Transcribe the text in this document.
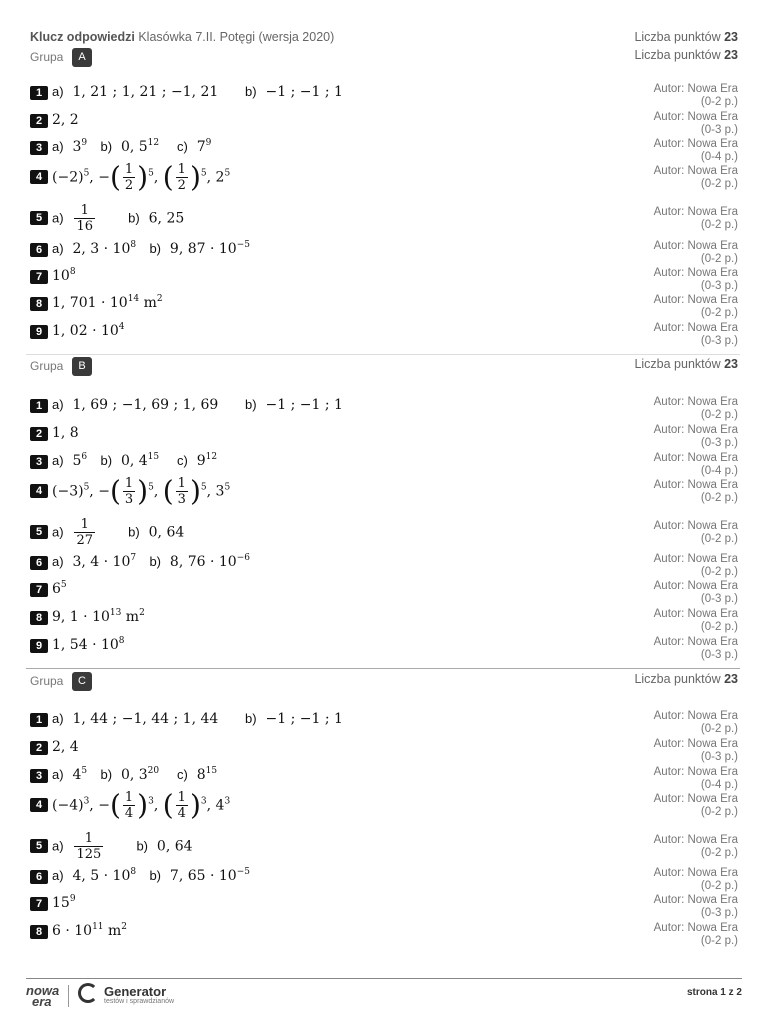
Klucz odpowiedzi Klasówka 7.II. Potęgi (wersja 2020)	Liczba punktów 23
Grupa	A	Liczba punktów 23
1 a) 1, 21 ; 1, 21 ; −1, 21 b) −1 ; −1 ; 1	Autor: Nowa Era
(0-2 p.)
2 2, 2	Autor: Nowa Era
(0-3 p.)
3 a) $3^9$ b) 0, $5^{12}$ c) $7^9$	Autor: Nowa Era
(0-4 p.)
4 $(-2)^5$, −( $\frac{1}{2} )^5$, ( $\frac{1}{2} )^5$, $2^5$	Autor: Nowa Era
(0-2 p.)
5 $a) \frac{1}{16}$	b) 6, 25	Autor: Nowa Era
(0-2 p.)
6 a) 2, $3 \cdot 10^8$ b) 9, $87 \cdot 10^{-5}$	Autor: Nowa Era
(0-2 p.)
7 $10^8$	Autor: Nowa Era
(0-3 p.)
8 1, $701 \cdot 10^{14}$ $m^2$	Autor: Nowa Era
(0-2 p.)
9 1, $02 \cdot 10^4$	Autor: Nowa Era
(0-3 p.)
Grupa	B	Liczba punktów 23
1 a) 1, 69 ; −1, 69 ; 1, 69 b) −1 ; −1 ; 1	Autor: Nowa Era
(0-2 p.)
2 1, 8	Autor: Nowa Era
(0-3 p.)
3 a) $5^6$ b) 0, $4^{15}$ c) $9^{12}$	Autor: Nowa Era
(0-4 p.)
4 $(-3)^5$, −( $\frac{1}{3} )^5$, ( $\frac{1}{3} )^5$, $3^5$	Autor: Nowa Era
(0-2 p.)
5 $a) \frac{1}{27}$	b) 0, 64	Autor: Nowa Era
(0-2 p.)
6 a) 3, $4 \cdot 10^7$ b) 8, $76 \cdot 10^{-6}$	Autor: Nowa Era
(0-2 p.)
7 $6^5$	Autor: Nowa Era
(0-3 p.)
8 9, $1 \cdot 10^{13}$ $m^2$	Autor: Nowa Era
(0-2 p.)
9 1, $54 \cdot 10^8$	Autor: Nowa Era
(0-3 p.)
Grupa	C	Liczba punktów 23
1 a) 1, 44 ; −1, 44 ; 1, 44 b) −1 ; −1 ; 1	Autor: Nowa Era
(0-2 p.)
2 2, 4	Autor: Nowa Era
(0-3 p.)
3 a) $4^5$ b) 0, $3^{20}$ c) $8^{15}$	Autor: Nowa Era
(0-4 p.)
4 $(-4)^3$, −( $\frac{1}{4} )^3$, ( $\frac{1}{4} )^3$, $4^3$	Autor: Nowa Era
(0-2 p.)
5 $a) \frac{1}{125}$	b) 0, 64	Autor: Nowa Era
(0-2 p.)
6 a) 4, $5 \cdot 10^8$ b) 7, $65 \cdot 10^{-5}$	Autor: Nowa Era
(0-2 p.)
7 $15^9$	Autor: Nowa Era
(0-3 p.)
8 $6 \cdot 10^{11}$ $m^2$	Autor: Nowa Era
(0-2 p.)
nowa
era
Generator
testów i sprawdzianów
strona 1 z 2
